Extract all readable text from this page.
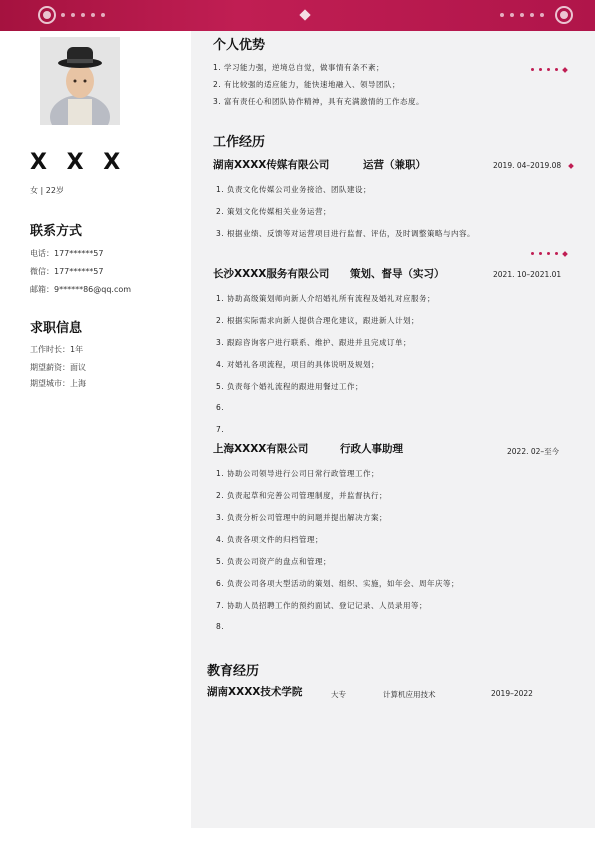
X X X
女 | 22岁
联系方式
电话：177******57
微信：177******57
邮箱：9******86@qq.com
求职信息
工作时长：1年
期望薪资：面议
期望城市：上海
个人优势
1. 学习能力强，逆境总自觉，做事情有条不紊；
2. 有比较强的适应能力，能快速地融入、领导团队；
3. 富有责任心和团队协作精神，具有充满激情的工作态度。
工作经历
湖南XXXX传媒有限公司	运营（兼职）	2019. 04–2019.08
1. 负责文化传媒公司业务接洽、团队建设；
2. 策划文化传媒相关业务运营；
3. 根据业绩、反馈等对运营项目进行监督、评估，及时调整策略与内容。
长沙XXXX服务有限公司 策划、督导（实习）	2021. 10–2021.01
1. 协助高级策划师向新人介绍婚礼所有流程及婚礼对应服务；
2. 根据实际需求向新人提供合理化建议，跟进新人计划；
3. 跟踪咨询客户进行联系、维护、跟进并且完成订单；
4. 对婚礼各项流程，项目的具体说明及规划；
5. 负责每个婚礼流程的跟进用餐过工作；
6.
7.
上海XXXX有限公司	行政人事助理	2022. 02–至今
1. 协助公司领导进行公司日常行政管理工作；
2. 负责起草和完善公司管理制度，并监督执行；
3. 负责分析公司管理中的问题并提出解决方案；
4. 负责各项文件的归档管理；
5. 负责公司资产的盘点和管理；
6. 负责公司各项大型活动的策划、组织、实施，如年会、周年庆等；
7. 协助人员招聘工作的预约面试、登记记录、人员录用等；
8.
教育经历
湖南XXXX技术学院	大专	计算机应用技术	2019–2022
